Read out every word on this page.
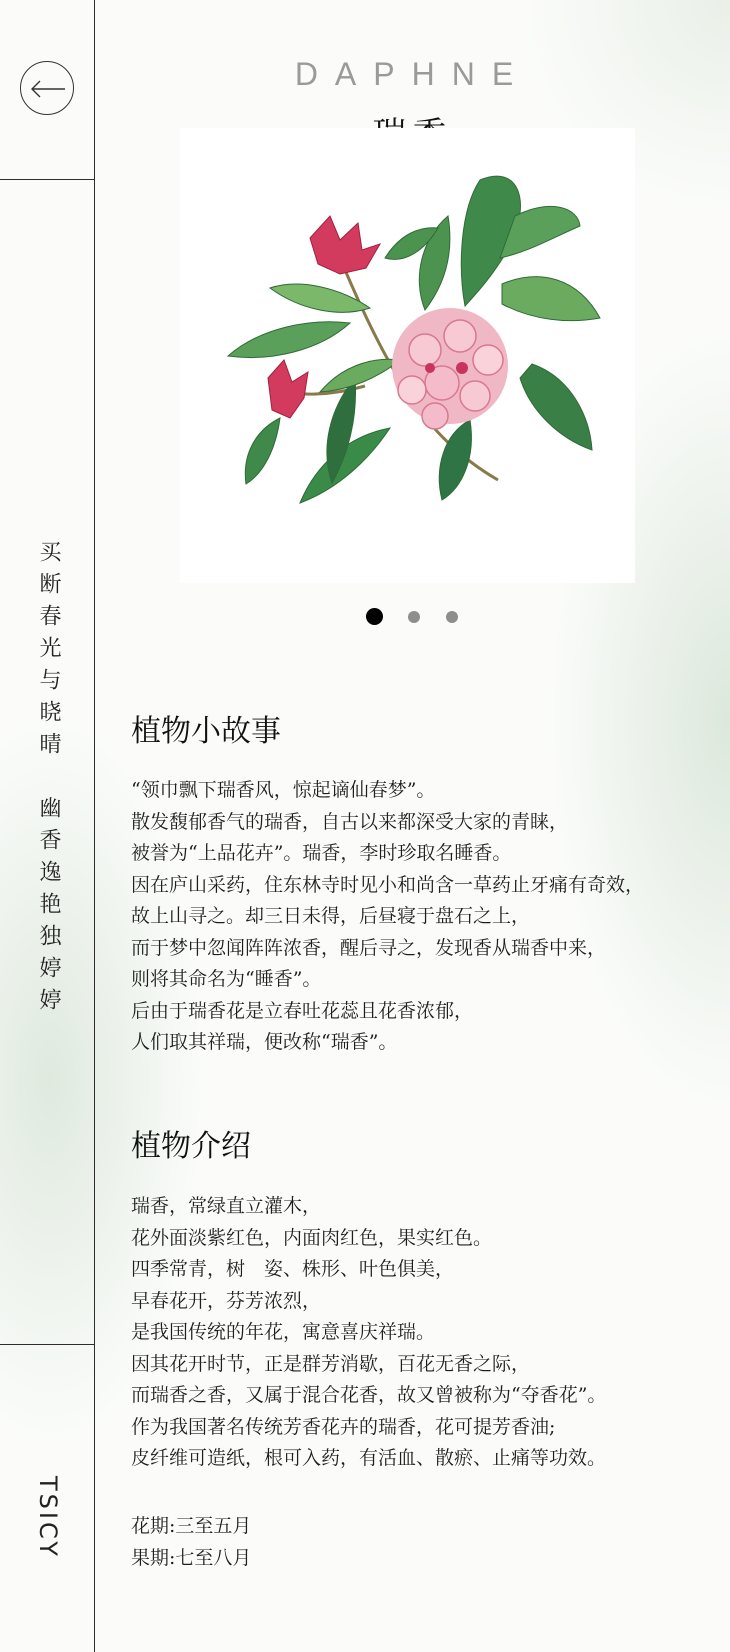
买断春光与晓晴　幽香逸艳独婷婷
TSICY
DAPHNE
植物小故事
“领巾飘下瑞香风，惊起谪仙春梦”。
散发馥郁香气的瑞香，自古以来都深受大家的青睐，
被誉为“上品花卉”。瑞香，李时珍取名睡香。
因在庐山采药，住东林寺时见小和尚含一草药止牙痛有奇效，
故上山寻之。却三日未得，后昼寝于盘石之上，
而于梦中忽闻阵阵浓香，醒后寻之，发现香从瑞香中来，
则将其命名为“睡香”。
后由于瑞香花是立春吐花蕊且花香浓郁，
人们取其祥瑞，便改称“瑞香”。
植物介绍
瑞香，常绿直立灌木，
花外面淡紫红色，内面肉红色，果实红色。
四季常青，树　姿、株形、叶色俱美，
早春花开，芬芳浓烈，
是我国传统的年花，寓意喜庆祥瑞。
因其花开时节，正是群芳消歇，百花无香之际，
而瑞香之香，又属于混合花香，故又曾被称为“夺香花”。
作为我国著名传统芳香花卉的瑞香，花可提芳香油;
皮纤维可造纸，根可入药，有活血、散瘀、止痛等功效。
花期:三至五月
果期:七至八月
